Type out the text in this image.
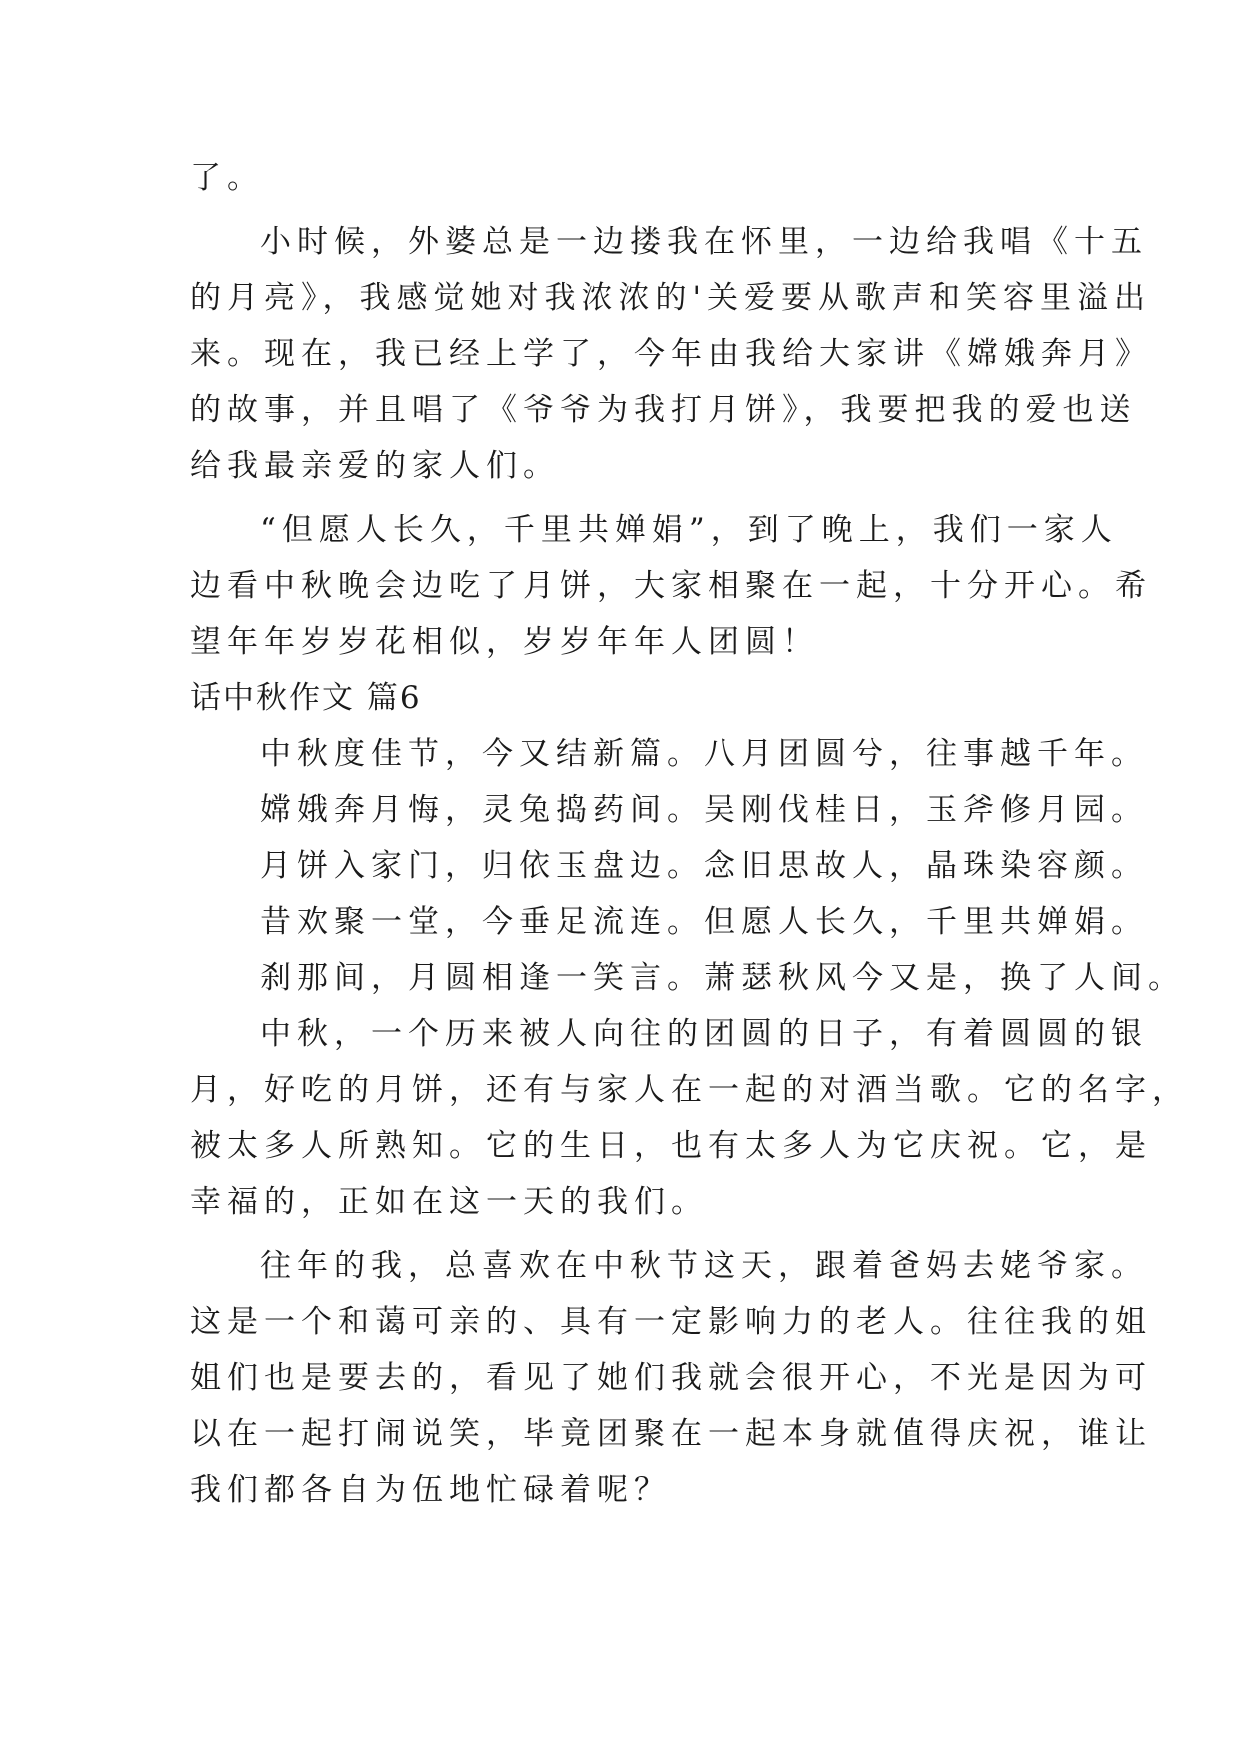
了。
小时候，外婆总是一边搂我在怀里，一边给我唱《十五
的月亮》，我感觉她对我浓浓的'关爱要从歌声和笑容里溢出
来。现在，我已经上学了，今年由我给大家讲《嫦娥奔月》
的故事，并且唱了《爷爷为我打月饼》，我要把我的爱也送
给我最亲爱的家人们。
“但愿人长久，千里共婵娟”，到了晚上，我们一家人
边看中秋晚会边吃了月饼，大家相聚在一起，十分开心。希
望年年岁岁花相似，岁岁年年人团圆！
话中秋作文 篇6
中秋度佳节，今又结新篇。八月团圆兮，往事越千年。
嫦娥奔月悔，灵兔捣药间。吴刚伐桂日，玉斧修月园。
月饼入家门，归依玉盘边。念旧思故人，晶珠染容颜。
昔欢聚一堂，今垂足流连。但愿人长久，千里共婵娟。
刹那间，月圆相逢一笑言。萧瑟秋风今又是，换了人间。
中秋，一个历来被人向往的团圆的日子，有着圆圆的银
月，好吃的月饼，还有与家人在一起的对酒当歌。它的名字，
被太多人所熟知。它的生日，也有太多人为它庆祝。它，是
幸福的，正如在这一天的我们。
往年的我，总喜欢在中秋节这天，跟着爸妈去姥爷家。
这是一个和蔼可亲的、具有一定影响力的老人。往往我的姐
姐们也是要去的，看见了她们我就会很开心，不光是因为可
以在一起打闹说笑，毕竟团聚在一起本身就值得庆祝，谁让
我们都各自为伍地忙碌着呢？
